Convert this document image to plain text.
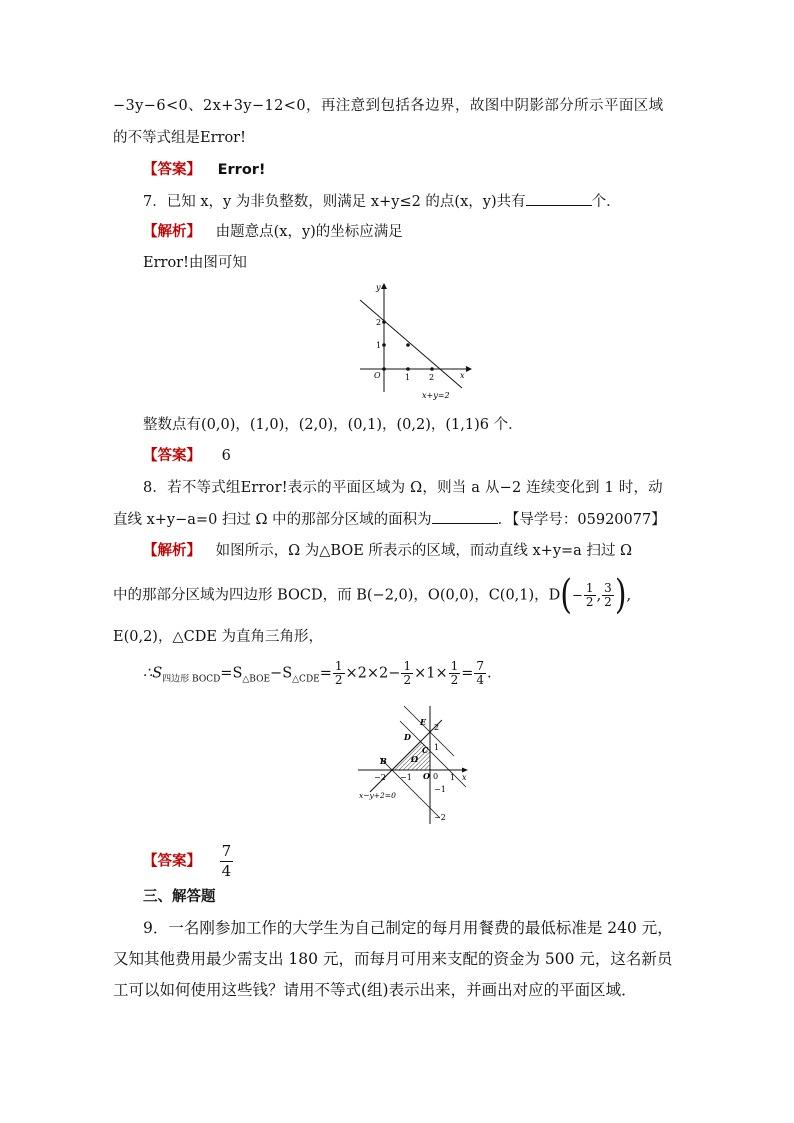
−3y−6<0、2x+3y−12<0，再注意到包括各边界，故图中阴影部分所示平面区域
的不等式组是Error!
【答案】 Error!
7．已知 x，y 为非负整数，则满足 x+y≤2 的点(x，y)共有	个．
【解析】 由题意点(x，y)的坐标应满足
Error!由图可知
y
x
O
2
1
1 2
x+y=2
整数点有(0,0)，(1,0)，(2,0)，(0,1)，(0,2)，(1,1)6 个．
【答案】 6
8．若不等式组Error!表示的平面区域为 Ω，则当 a 从−2 连续变化到 1 时，动
直线 x+y−a=0 扫过 Ω 中的那部分区域的面积为	．【导学号：05920077】
【解析】 如图所示，Ω 为△BOE 所表示的区域，而动直线 x+y=a 扫过 Ω
中的那部分区域为四边形 BOCD，而 B(−2,0)，O(0,0)，C(0,1)，$D(- \frac{1}{2}$ , $\frac{3}{2}$ ),
E(0,2)，△CDE 为直角三角形，
$\therefore S_{四边形 BOCD}=S_{\triangle BOE}-S_{\triangle CDE}= \frac{1}{2} \times 2\times 2- \frac{1}{2} \times 1\times \frac{1}{2} = \frac{7}{4}$ .
E
D
C
Ω
B
O	x
2
1
−1
−2
−2 −1	0 1
x−y+2=0
【答案】 $\frac{7}{4}$
三、解答题
9．一名刚参加工作的大学生为自己制定的每月用餐费的最低标准是 240 元，
又知其他费用最少需支出 180 元，而每月可用来支配的资金为 500 元，这名新员
工可以如何使用这些钱？请用不等式(组)表示出来，并画出对应的平面区域．
